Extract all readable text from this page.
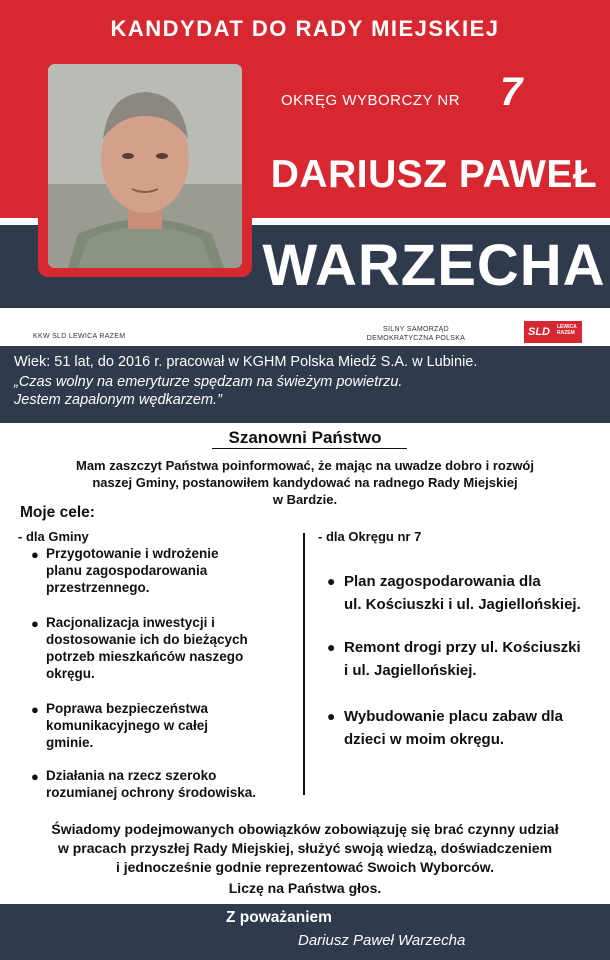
KANDYDAT DO RADY MIEJSKIEJ
OKRĘG WYBORCZY NR 7
DARIUSZ PAWEŁ
WARZECHA
KKW SLD LEWICA RAZEM
SILNY SAMORZĄD
DEMOKRATYCZNA POLSKA
SLD LEWICA
RAZEM
Wiek: 51 lat, do 2016 r. pracował w KGHM Polska Miedź S.A. w Lubinie.
„Czas wolny na emeryturze spędzam na świeżym powietrzu.
Jestem zapalonym wędkarzem.”
Szanowni Państwo
Mam zaszczyt Państwa poinformować, że mając na uwadze dobro i rozwój
naszej Gminy, postanowiłem kandydować na radnego Rady Miejskiej
w Bardzie.
Moje cele:
- dla Gminy	- dla Okręgu nr 7
● Przygotowanie i wdrożenie
planu zagospodarowania
przestrzennego.
● Racjonalizacja inwestycji i
dostosowanie ich do bieżących
potrzeb mieszkańców naszego
okręgu.
● Poprawa bezpieczeństwa
komunikacyjnego w całej
gminie.
● Działania na rzecz szeroko
rozumianej ochrony środowiska.
● Plan zagospodarowania dla
ul. Kościuszki i ul. Jagiellońskiej.
● Remont drogi przy ul. Kościuszki
i ul. Jagiellońskiej.
● Wybudowanie placu zabaw dla
dzieci w moim okręgu.
Świadomy podejmowanych obowiązków zobowiązuję się brać czynny udział
w pracach przyszłej Rady Miejskiej, służyć swoją wiedzą, doświadczeniem
i jednocześnie godnie reprezentować Swoich Wyborców.
Liczę na Państwa głos.
Z poważaniem
Dariusz Paweł Warzecha
